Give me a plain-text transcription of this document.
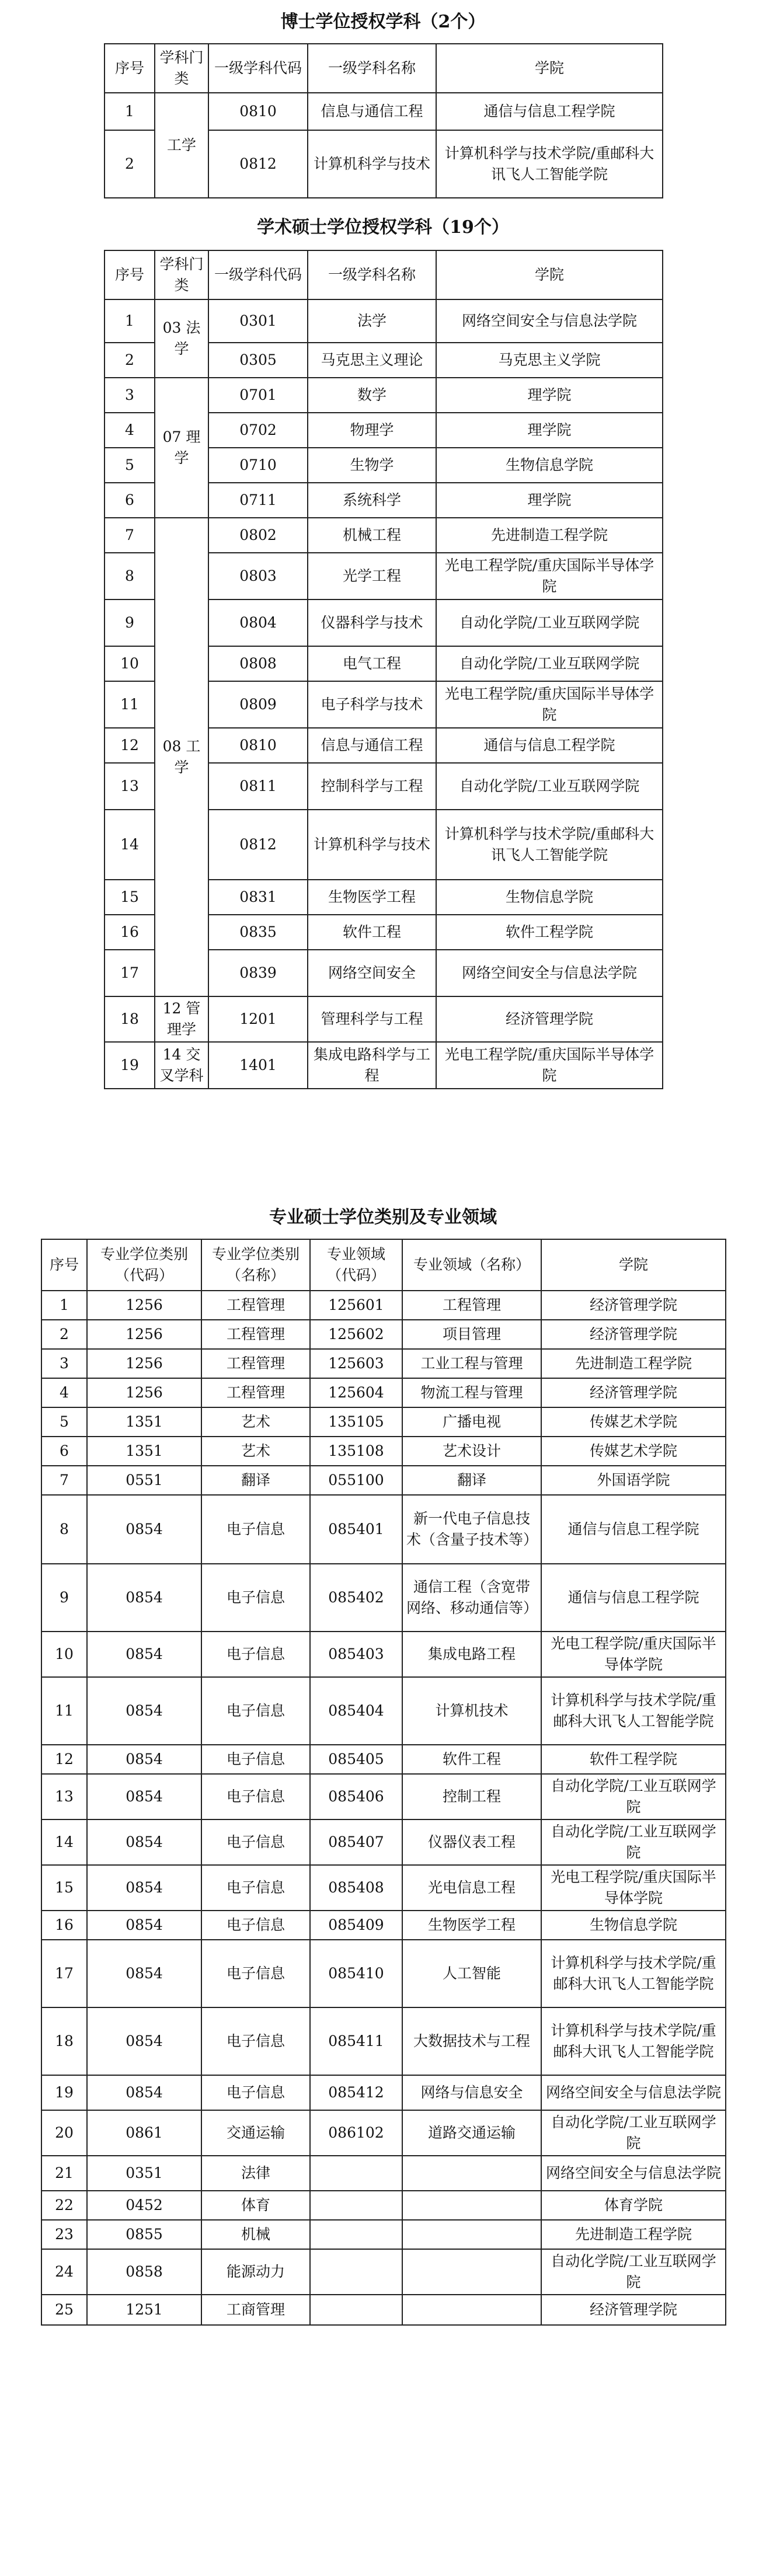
博士学位授权学科（2个）
序号	学科门类	一级学科代码	一级学科名称	学院
1	工学	0810	信息与通信工程	通信与信息工程学院
2		0812	计算机科学与技术	计算机科学与技术学院/重邮科大讯飞人工智能学院
学术硕士学位授权学科（19个）
序号	学科门类	一级学科代码	一级学科名称	学院
1	03 法学	0301	法学	网络空间安全与信息法学院
2		0305	马克思主义理论	马克思主义学院
3	07 理学	0701	数学	理学院
4		0702	物理学	理学院
5		0710	生物学	生物信息学院
6		0711	系统科学	理学院
7	08 工学	0802	机械工程	先进制造工程学院
8		0803	光学工程	光电工程学院/重庆国际半导体学院
9		0804	仪器科学与技术	自动化学院/工业互联网学院
10		0808	电气工程	自动化学院/工业互联网学院
11		0809	电子科学与技术	光电工程学院/重庆国际半导体学院
12		0810	信息与通信工程	通信与信息工程学院
13		0811	控制科学与工程	自动化学院/工业互联网学院
14		0812	计算机科学与技术	计算机科学与技术学院/重邮科大讯飞人工智能学院
15		0831	生物医学工程	生物信息学院
16		0835	软件工程	软件工程学院
17		0839	网络空间安全	网络空间安全与信息法学院
18	12 管理学	1201	管理科学与工程	经济管理学院
19	14 交叉学科	1401	集成电路科学与工程	光电工程学院/重庆国际半导体学院
专业硕士学位类别及专业领域
序号	专业学位类别（代码）	专业学位类别（名称）	专业领域（代码）	专业领域（名称）	学院
1	1256	工程管理	125601	工程管理	经济管理学院
2	1256	工程管理	125602	项目管理	经济管理学院
3	1256	工程管理	125603	工业工程与管理	先进制造工程学院
4	1256	工程管理	125604	物流工程与管理	经济管理学院
5	1351	艺术	135105	广播电视	传媒艺术学院
6	1351	艺术	135108	艺术设计	传媒艺术学院
7	0551	翻译	055100	翻译	外国语学院
8	0854	电子信息	085401	新一代电子信息技术（含量子技术等）	通信与信息工程学院
9	0854	电子信息	085402	通信工程（含宽带网络、移动通信等）	通信与信息工程学院
10	0854	电子信息	085403	集成电路工程	光电工程学院/重庆国际半导体学院
11	0854	电子信息	085404	计算机技术	计算机科学与技术学院/重邮科大讯飞人工智能学院
12	0854	电子信息	085405	软件工程	软件工程学院
13	0854	电子信息	085406	控制工程	自动化学院/工业互联网学院
14	0854	电子信息	085407	仪器仪表工程	自动化学院/工业互联网学院
15	0854	电子信息	085408	光电信息工程	光电工程学院/重庆国际半导体学院
16	0854	电子信息	085409	生物医学工程	生物信息学院
17	0854	电子信息	085410	人工智能	计算机科学与技术学院/重邮科大讯飞人工智能学院
18	0854	电子信息	085411	大数据技术与工程	计算机科学与技术学院/重邮科大讯飞人工智能学院
19	0854	电子信息	085412	网络与信息安全	网络空间安全与信息法学院
20	0861	交通运输	086102	道路交通运输	自动化学院/工业互联网学院
21	0351	法律			网络空间安全与信息法学院
22	0452	体育			体育学院
23	0855	机械			先进制造工程学院
24	0858	能源动力			自动化学院/工业互联网学院
25	1251	工商管理			经济管理学院
